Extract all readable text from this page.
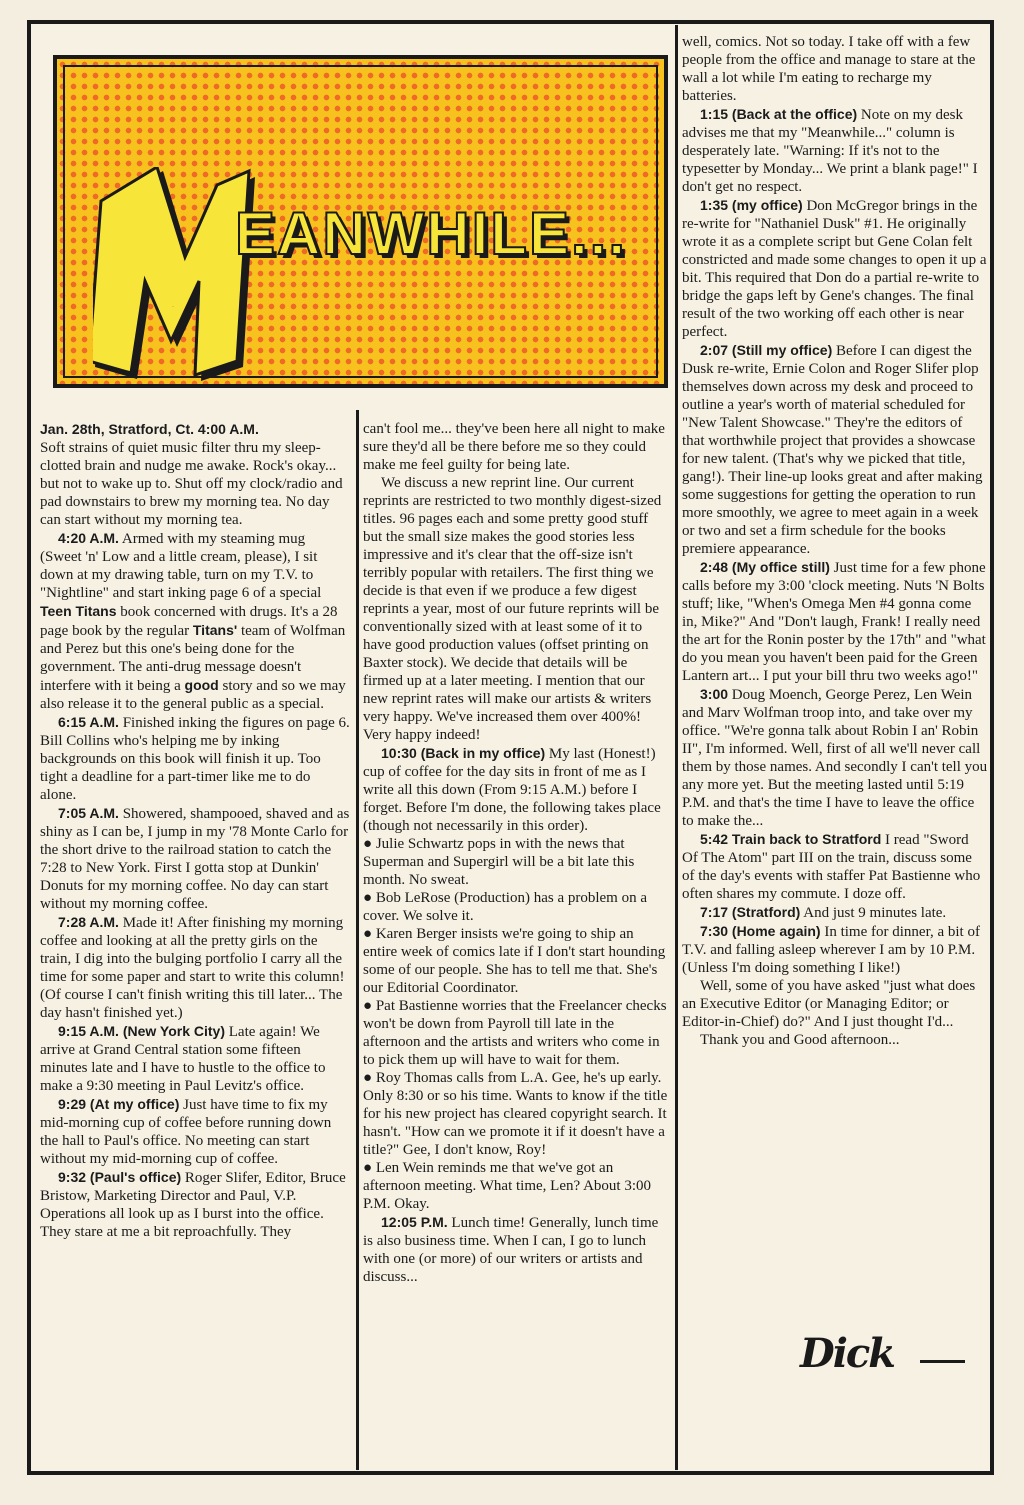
M
EANWHILE...

Jan. 28th, Stratford, Ct. 4:00 A.M.

Soft strains of quiet music filter thru my sleep-clotted brain and nudge me awake. Rock's okay... but not to wake up to. Shut off my clock/radio and pad downstairs to brew my morning tea. No day can start without my morning tea.

4:20 A.M. Armed with my steaming mug (Sweet 'n' Low and a little cream, please), I sit down at my drawing table, turn on my T.V. to "Nightline" and start inking page 6 of a special Teen Titans book concerned with drugs. It's a 28 page book by the regular Titans' team of Wolfman and Perez but this one's being done for the government. The anti-drug message doesn't interfere with it being a good story and so we may also release it to the general public as a special.

6:15 A.M. Finished inking the figures on page 6. Bill Collins who's helping me by inking backgrounds on this book will finish it up. Too tight a deadline for a part-timer like me to do alone.

7:05 A.M. Showered, shampooed, shaved and as shiny as I can be, I jump in my '78 Monte Carlo for the short drive to the railroad station to catch the 7:28 to New York. First I gotta stop at Dunkin' Donuts for my morning coffee. No day can start without my morning coffee.

7:28 A.M. Made it! After finishing my morning coffee and looking at all the pretty girls on the train, I dig into the bulging portfolio I carry all the time for some paper and start to write this column! (Of course I can't finish writing this till later... The day hasn't finished yet.)

9:15 A.M. (New York City) Late again! We arrive at Grand Central station some fifteen minutes late and I have to hustle to the office to make a 9:30 meeting in Paul Levitz's office.

9:29 (At my office) Just have time to fix my mid-morning cup of coffee before running down the hall to Paul's office. No meeting can start without my mid-morning cup of coffee.

9:32 (Paul's office) Roger Slifer, Editor, Bruce Bristow, Marketing Director and Paul, V.P. Operations all look up as I burst into the office. They stare at me a bit reproachfully. They

can't fool me... they've been here all night to make sure they'd all be there before me so they could make me feel guilty for being late.

We discuss a new reprint line. Our current reprints are restricted to two monthly digest-sized titles. 96 pages each and some pretty good stuff but the small size makes the good stories less impressive and it's clear that the off-size isn't terribly popular with retailers. The first thing we decide is that even if we produce a few digest reprints a year, most of our future reprints will be conventionally sized with at least some of it to have good production values (offset printing on Baxter stock). We decide that details will be firmed up at a later meeting. I mention that our new reprint rates will make our artists & writers very happy. We've increased them over 400%! Very happy indeed!

10:30 (Back in my office) My last (Honest!) cup of coffee for the day sits in front of me as I write all this down (From 9:15 A.M.) before I forget. Before I'm done, the following takes place (though not necessarily in this order).

● Julie Schwartz pops in with the news that Superman and Supergirl will be a bit late this month. No sweat.

● Bob LeRose (Production) has a problem on a cover. We solve it.

● Karen Berger insists we're going to ship an entire week of comics late if I don't start hounding some of our people. She has to tell me that. She's our Editorial Coordinator.

● Pat Bastienne worries that the Freelancer checks won't be down from Payroll till late in the afternoon and the artists and writers who come in to pick them up will have to wait for them.

● Roy Thomas calls from L.A. Gee, he's up early. Only 8:30 or so his time. Wants to know if the title for his new project has cleared copyright search. It hasn't. "How can we promote it if it doesn't have a title?" Gee, I don't know, Roy!

● Len Wein reminds me that we've got an afternoon meeting. What time, Len? About 3:00 P.M. Okay.

12:05 P.M. Lunch time! Generally, lunch time is also business time. When I can, I go to lunch with one (or more) of our writers or artists and discuss...

well, comics. Not so today. I take off with a few people from the office and manage to stare at the wall a lot while I'm eating to recharge my batteries.

1:15 (Back at the office) Note on my desk advises me that my "Meanwhile..." column is desperately late. "Warning: If it's not to the typesetter by Monday... We print a blank page!" I don't get no respect.

1:35 (my office) Don McGregor brings in the re-write for "Nathaniel Dusk" #1. He originally wrote it as a complete script but Gene Colan felt constricted and made some changes to open it up a bit. This required that Don do a partial re-write to bridge the gaps left by Gene's changes. The final result of the two working off each other is near perfect.

2:07 (Still my office) Before I can digest the Dusk re-write, Ernie Colon and Roger Slifer plop themselves down across my desk and proceed to outline a year's worth of material scheduled for "New Talent Showcase." They're the editors of that worthwhile project that provides a showcase for new talent. (That's why we picked that title, gang!). Their line-up looks great and after making some suggestions for getting the operation to run more smoothly, we agree to meet again in a week or two and set a firm schedule for the books premiere appearance.

2:48 (My office still) Just time for a few phone calls before my 3:00 'clock meeting. Nuts 'N Bolts stuff; like, "When's Omega Men #4 gonna come in, Mike?" And "Don't laugh, Frank! I really need the art for the Ronin poster by the 17th" and "what do you mean you haven't been paid for the Green Lantern art... I put your bill thru two weeks ago!"

3:00 Doug Moench, George Perez, Len Wein and Marv Wolfman troop into, and take over my office. "We're gonna talk about Robin I an' Robin II", I'm informed. Well, first of all we'll never call them by those names. And secondly I can't tell you any more yet. But the meeting lasted until 5:19 P.M. and that's the time I have to leave the office to make the...

5:42 Train back to Stratford I read "Sword Of The Atom" part III on the train, discuss some of the day's events with staffer Pat Bastienne who often shares my commute. I doze off.

7:17 (Stratford) And just 9 minutes late.

7:30 (Home again) In time for dinner, a bit of T.V. and falling asleep wherever I am by 10 P.M. (Unless I'm doing something I like!)

Well, some of you have asked "just what does an Executive Editor (or Managing Editor; or Editor-in-Chief) do?" And I just thought I'd...

Thank you and Good afternoon...

Dick
